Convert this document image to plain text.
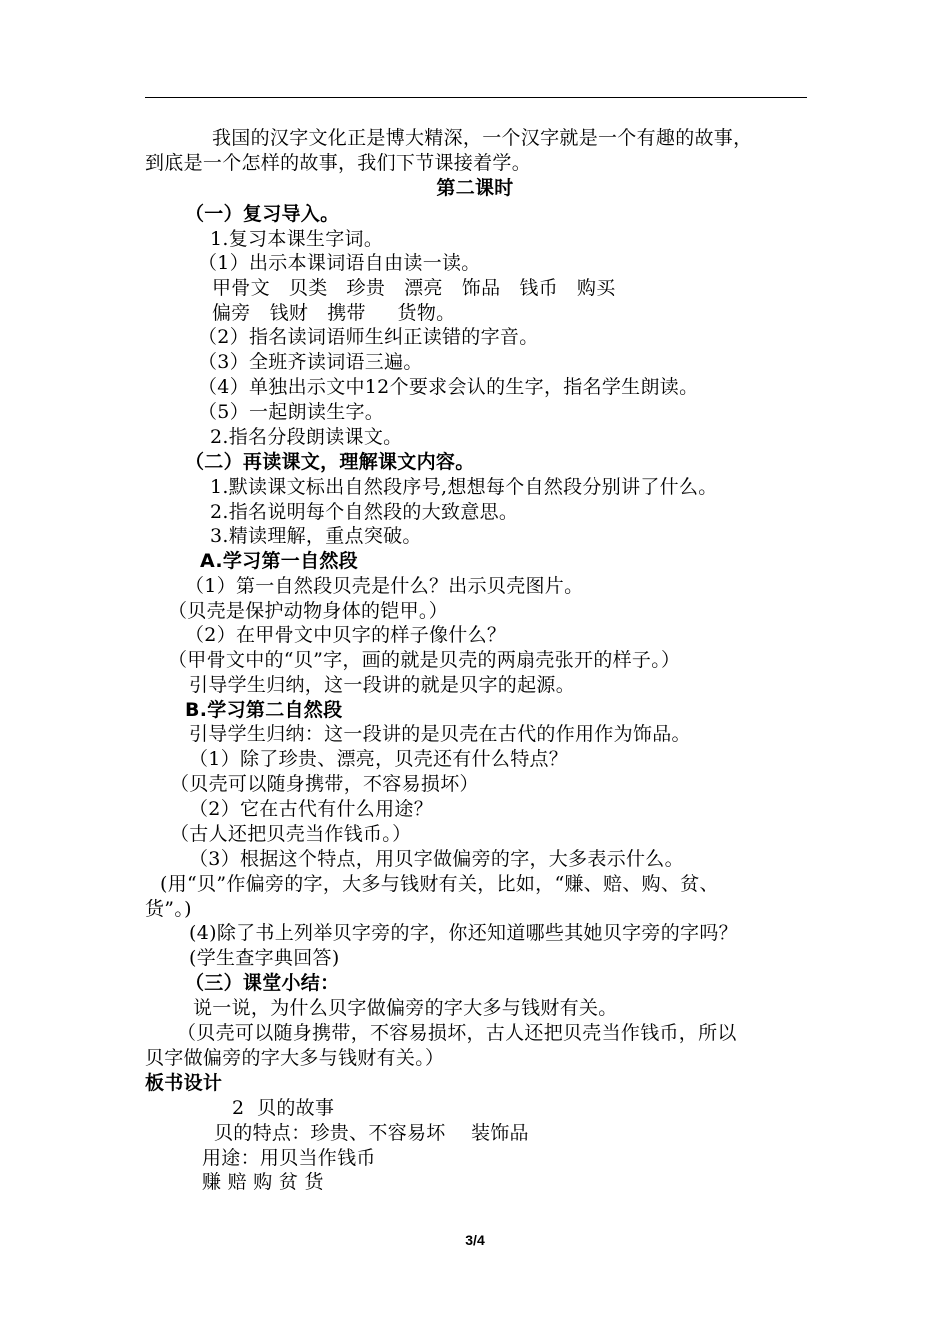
我国的汉字文化正是博大精深，一个汉字就是一个有趣的故事，
到底是一个怎样的故事，我们下节课接着学。
第二课时
（一）复习导入。
1.复习本课生字词。
（1）出示本课词语自由读一读。
甲骨文   贝类   珍贵   漂亮   饰品   钱币   购买
偏旁   钱财   携带     货物。
（2）指名读词语师生纠正读错的字音。
（3）全班齐读词语三遍。
（4）单独出示文中12个要求会认的生字，指名学生朗读。
（5）一起朗读生字。
2.指名分段朗读课文。
（二）再读课文，理解课文内容。
1.默读课文标出自然段序号,想想每个自然段分别讲了什么。
2.指名说明每个自然段的大致意思。
3.精读理解，重点突破。
A.学习第一自然段
（1）第一自然段贝壳是什么？出示贝壳图片。
（贝壳是保护动物身体的铠甲。）
（2）在甲骨文中贝字的样子像什么？
（甲骨文中的“贝”字，画的就是贝壳的两扇壳张开的样子。）
引导学生归纳，这一段讲的就是贝字的起源。
B.学习第二自然段
引导学生归纳：这一段讲的是贝壳在古代的作用作为饰品。
（1）除了珍贵、漂亮，贝壳还有什么特点？
（贝壳可以随身携带，不容易损坏）
（2）它在古代有什么用途？
（古人还把贝壳当作钱币。）
（3）根据这个特点，用贝字做偏旁的字，大多表示什么。
(用“贝”作偏旁的字，大多与钱财有关，比如，“赚、赔、购、贫、
货”。)
(4)除了书上列举贝字旁的字，你还知道哪些其她贝字旁的字吗？
(学生查字典回答)
（三）课堂小结：
说一说，为什么贝字做偏旁的字大多与钱财有关。
（贝壳可以随身携带，不容易损坏，古人还把贝壳当作钱币，所以
贝字做偏旁的字大多与钱财有关。）
板书设计
2  贝的故事
贝的特点：珍贵、不容易坏    装饰品
用途：用贝当作钱币
赚 赔 购 贫 货
3/4
